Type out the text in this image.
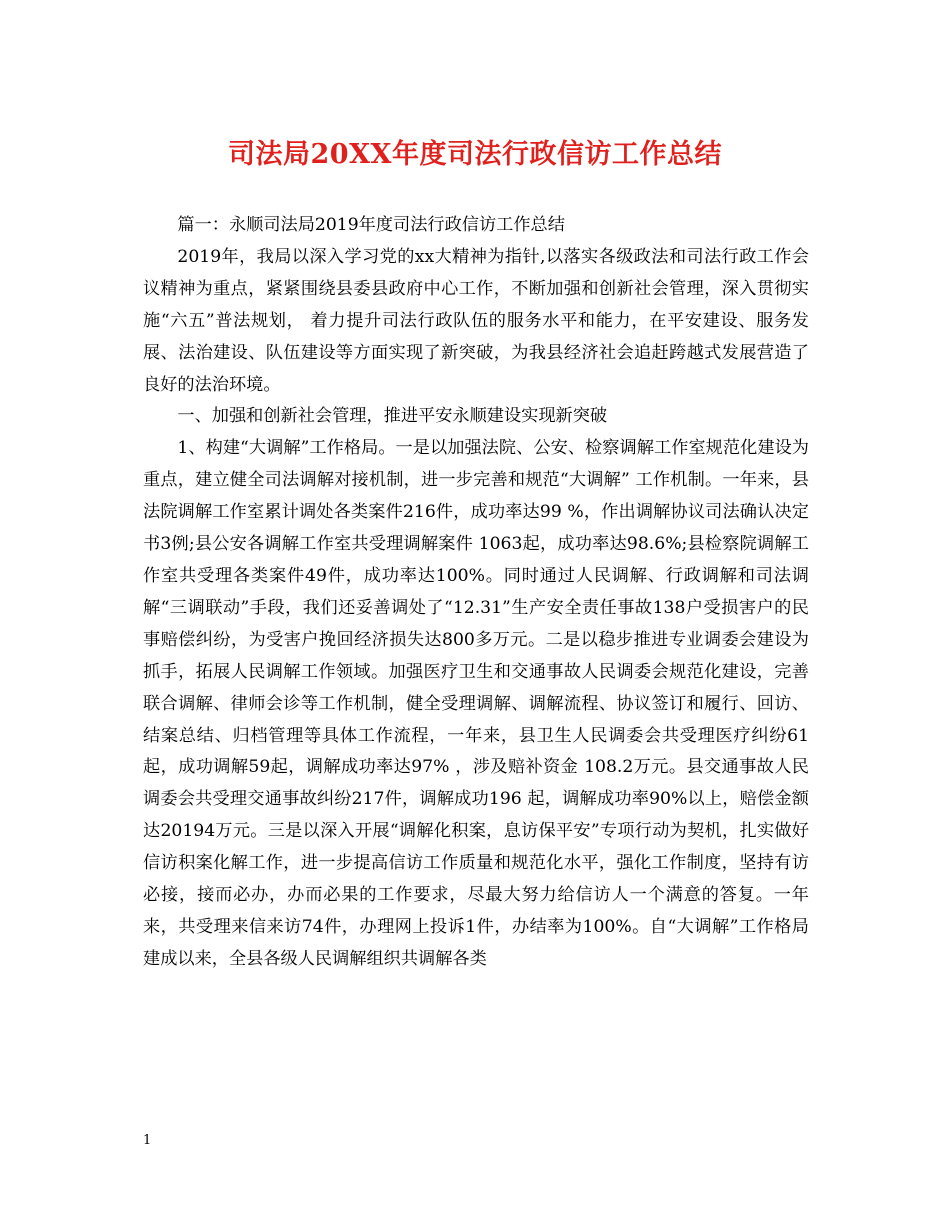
司法局20XX年度司法行政信访工作总结

篇一：永顺司法局2019年度司法行政信访工作总结

2019年，我局以深入学习党的xx大精神为指针,以落实各级政法和司法行政工作会议精神为重点，紧紧围绕县委县政府中心工作，不断加强和创新社会管理，深入贯彻实施“六五”普法规划， 着力提升司法行政队伍的服务水平和能力，在平安建设、服务发展、法治建设、队伍建设等方面实现了新突破，为我县经济社会追赶跨越式发展营造了良好的法治环境。

一、加强和创新社会管理，推进平安永顺建设实现新突破

1、构建“大调解”工作格局。一是以加强法院、公安、检察调解工作室规范化建设为重点，建立健全司法调解对接机制，进一步完善和规范“大调解” 工作机制。一年来，县法院调解工作室累计调处各类案件216件，成功率达99 %，作出调解协议司法确认决定书3例;县公安各调解工作室共受理调解案件 1063起，成功率达98.6%;县检察院调解工作室共受理各类案件49件，成功率达100%。同时通过人民调解、行政调解和司法调解“三调联动”手段，我们还妥善调处了“12.31”生产安全责任事故138户受损害户的民事赔偿纠纷，为受害户挽回经济损失达800多万元。二是以稳步推进专业调委会建设为抓手，拓展人民调解工作领域。加强医疗卫生和交通事故人民调委会规范化建设，完善联合调解、律师会诊等工作机制，健全受理调解、调解流程、协议签订和履行、回访、结案总结、归档管理等具体工作流程，一年来，县卫生人民调委会共受理医疗纠纷61起，成功调解59起，调解成功率达97% ，涉及赔补资金 108.2万元。县交通事故人民调委会共受理交通事故纠纷217件，调解成功196 起，调解成功率90%以上，赔偿金额达20194万元。三是以深入开展“调解化积案，息访保平安”专项行动为契机，扎实做好信访积案化解工作，进一步提高信访工作质量和规范化水平，强化工作制度，坚持有访必接，接而必办，办而必果的工作要求，尽最大努力给信访人一个满意的答复。一年来，共受理来信来访74件，办理网上投诉1件，办结率为100%。自“大调解”工作格局建成以来，全县各级人民调解组织共调解各类

1
